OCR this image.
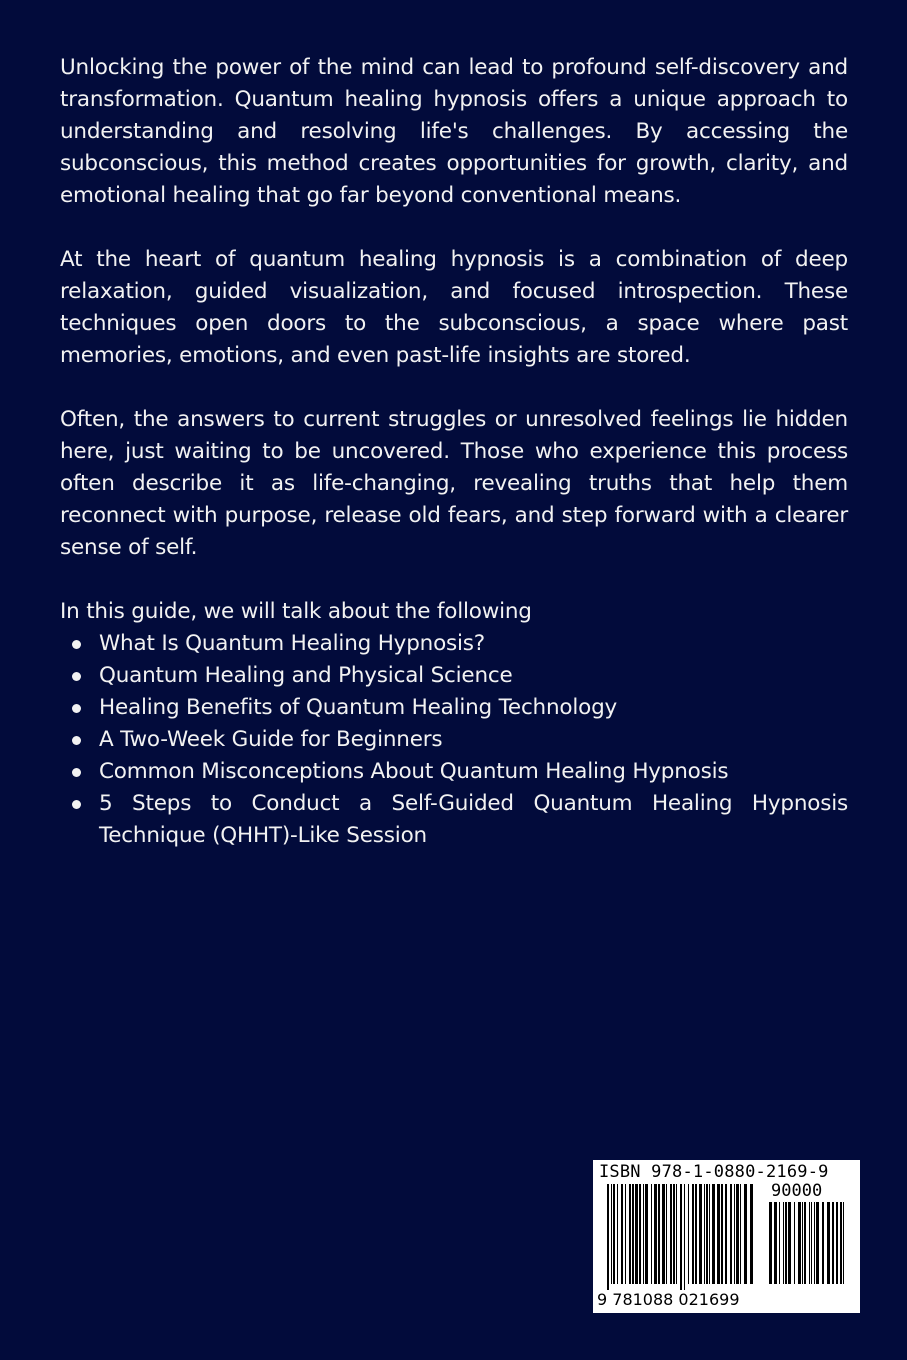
Unlocking the power of the mind can lead to profound self-discovery and transformation. Quantum healing hypnosis offers a unique approach to understanding and resolving life's challenges. By accessing the subconscious, this method creates opportunities for growth, clarity, and emotional healing that go far beyond conventional means.

At the heart of quantum healing hypnosis is a combination of deep relaxation, guided visualization, and focused introspection. These techniques open doors to the subconscious, a space where past memories, emotions, and even past-life insights are stored.

Often, the answers to current struggles or unresolved feelings lie hidden here, just waiting to be uncovered. Those who experience this process often describe it as life-changing, revealing truths that help them reconnect with purpose, release old fears, and step forward with a clearer sense of self.

In this guide, we will talk about the following

What Is Quantum Healing Hypnosis?
Quantum Healing and Physical Science
Healing Benefits of Quantum Healing Technology
A Two-Week Guide for Beginners
Common Misconceptions About Quantum Healing Hypnosis
5 Steps to Conduct a Self-Guided Quantum Healing Hypnosis Technique (QHHT)-Like Session
ISBN 978-1-0880-2169-9
90000
9 781088 021699
